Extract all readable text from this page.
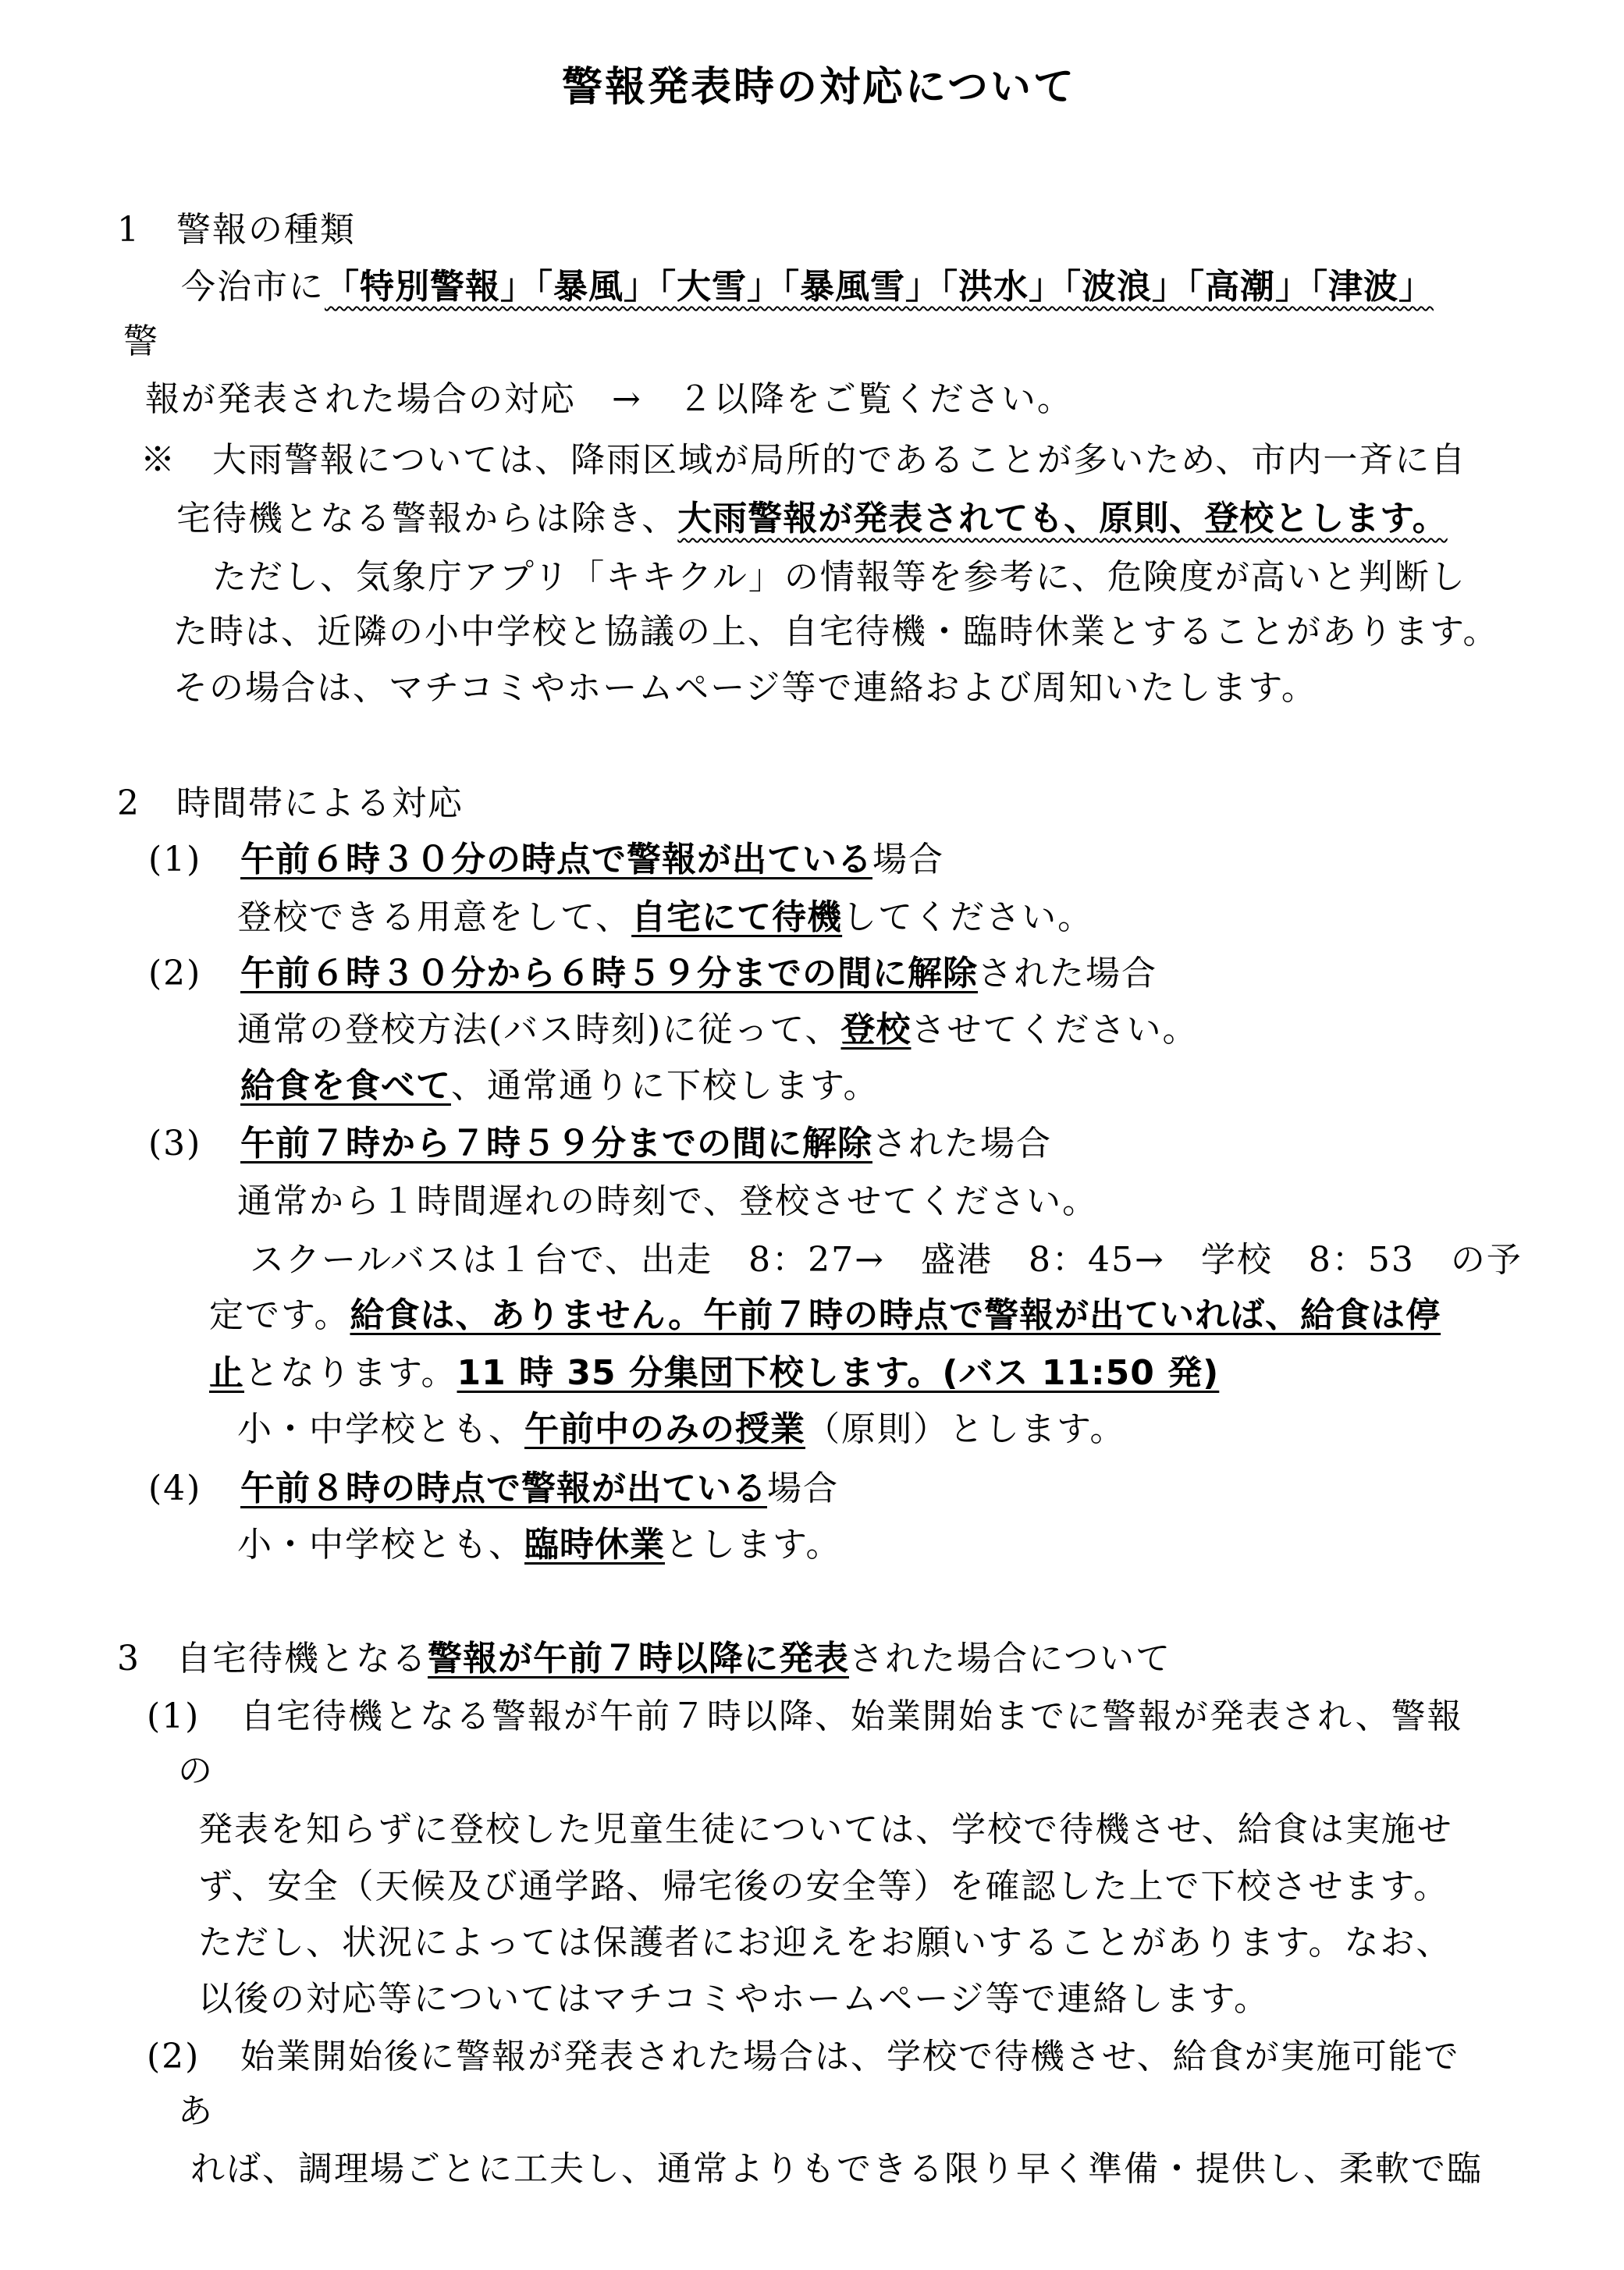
警報発表時の対応について
1　警報の種類
今治市に「特別警報」「暴風」「大雪」「暴風雪」「洪水」「波浪」「高潮」「津波」
警
報が発表された場合の対応　→　２以降をご覧ください。
※　大雨警報については、降雨区域が局所的であることが多いため、市内一斉に自
宅待機となる警報からは除き、大雨警報が発表されても、原則、登校とします。
ただし、気象庁アプリ「キキクル」の情報等を参考に、危険度が高いと判断し
た時は、近隣の小中学校と協議の上、自宅待機・臨時休業とすることがあります。
その場合は、マチコミやホームページ等で連絡および周知いたします。
2　時間帯による対応
(1) 午前６時３０分の時点で警報が出ている場合
登校できる用意をして、自宅にて待機してください。
(2) 午前６時３０分から６時５９分までの間に解除された場合
通常の登校方法(バス時刻)に従って、登校させてください。
給食を食べて、通常通りに下校します。
(3) 午前７時から７時５９分までの間に解除された場合
通常から１時間遅れの時刻で、登校させてください。
スクールバスは１台で、出走　8：27→　盛港　8：45→　学校　8：53　の予
定です。給食は、ありません。午前７時の時点で警報が出ていれば、給食は停
止となります。11 時 35 分集団下校します。(バス 11:50 発)
小・中学校とも、午前中のみの授業（原則）とします。
(4) 午前８時の時点で警報が出ている場合
小・中学校とも、臨時休業とします。
3　自宅待機となる警報が午前７時以降に発表された場合について
(1) 自宅待機となる警報が午前７時以降、始業開始までに警報が発表され、警報
の
発表を知らずに登校した児童生徒については、学校で待機させ、給食は実施せ
ず、安全（天候及び通学路、帰宅後の安全等）を確認した上で下校させます。
ただし、状況によっては保護者にお迎えをお願いすることがあります。なお、
以後の対応等についてはマチコミやホームページ等で連絡します。
(2) 始業開始後に警報が発表された場合は、学校で待機させ、給食が実施可能で
あ
れば、調理場ごとに工夫し、通常よりもできる限り早く準備・提供し、柔軟で臨
